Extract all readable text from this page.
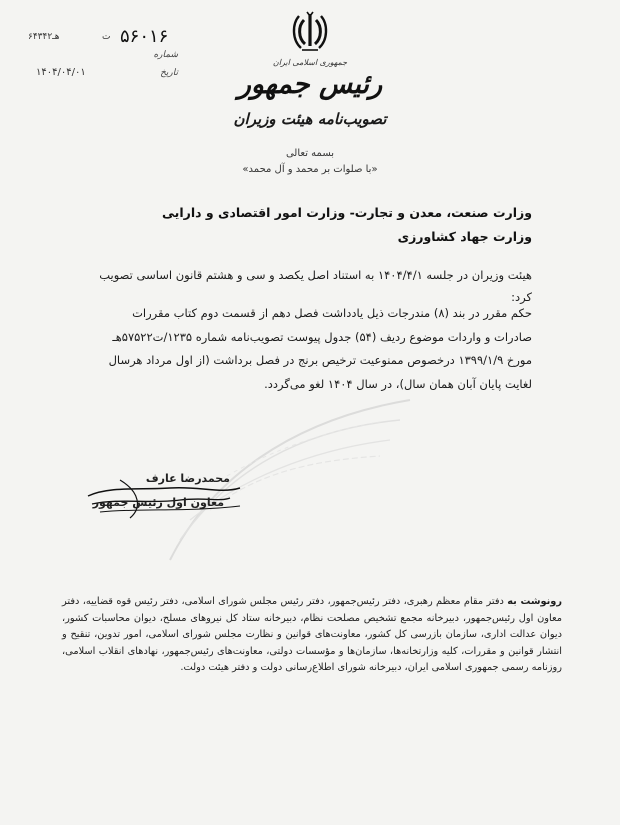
۶۴۳۴۲هـ	۵۶۰۱۶
ت
شماره
۱۴۰۴/۰۴/۰۱	تاریخ
جمهوری اسلامی ایران
رئیس جمهور
تصویب‌نامه هیئت وزیران
بسمه تعالی
«با صلوات بر محمد و آل محمد»
وزارت صنعت، معدن و تجارت- وزارت امور اقتصادی و دارایی
وزارت جهاد کشاورزی
هیئت وزیران در جلسه ۱۴۰۴/۴/۱ به استناد اصل یکصد و سی و هشتم قانون اساسی تصویب کرد:
حکم مقرر در بند (۸) مندرجات ذیل یادداشت فصل دهم از قسمت دوم کتاب مقررات صادرات و واردات موضوع ردیف (۵۴) جدول پیوست تصویب‌نامه شماره ۱۲۳۵/ت۵۷۵۲۲هـ مورخ ۱۳۹۹/۱/۹ درخصوص ممنوعیت ترخیص برنج در فصل برداشت (از اول مرداد هرسال لغایت پایان آبان همان سال)، در سال ۱۴۰۴ لغو می‌گردد.
محمدرضا عارف
معاون اول رئیس جمهور
رونوشت به دفتر مقام معظم رهبری، دفتر رئیس‌جمهور، دفتر رئیس مجلس شورای اسلامی، دفتر رئیس قوه قضاییه، دفتر معاون اول رئیس‌جمهور، دبیرخانه مجمع تشخیص مصلحت نظام، دبیرخانه ستاد کل نیروهای مسلح، دیوان محاسبات کشور، دیوان عدالت اداری، سازمان بازرسی کل کشور، معاونت‌های قوانین و نظارت مجلس شورای اسلامی، امور تدوین، تنقیح و انتشار قوانین و مقررات، کلیه وزارتخانه‌ها، سازمان‌ها و مؤسسات دولتی، معاونت‌های رئیس‌جمهور، نهادهای انقلاب اسلامی، روزنامه رسمی جمهوری اسلامی ایران، دبیرخانه شورای اطلاع‌رسانی دولت و دفتر هیئت دولت.
